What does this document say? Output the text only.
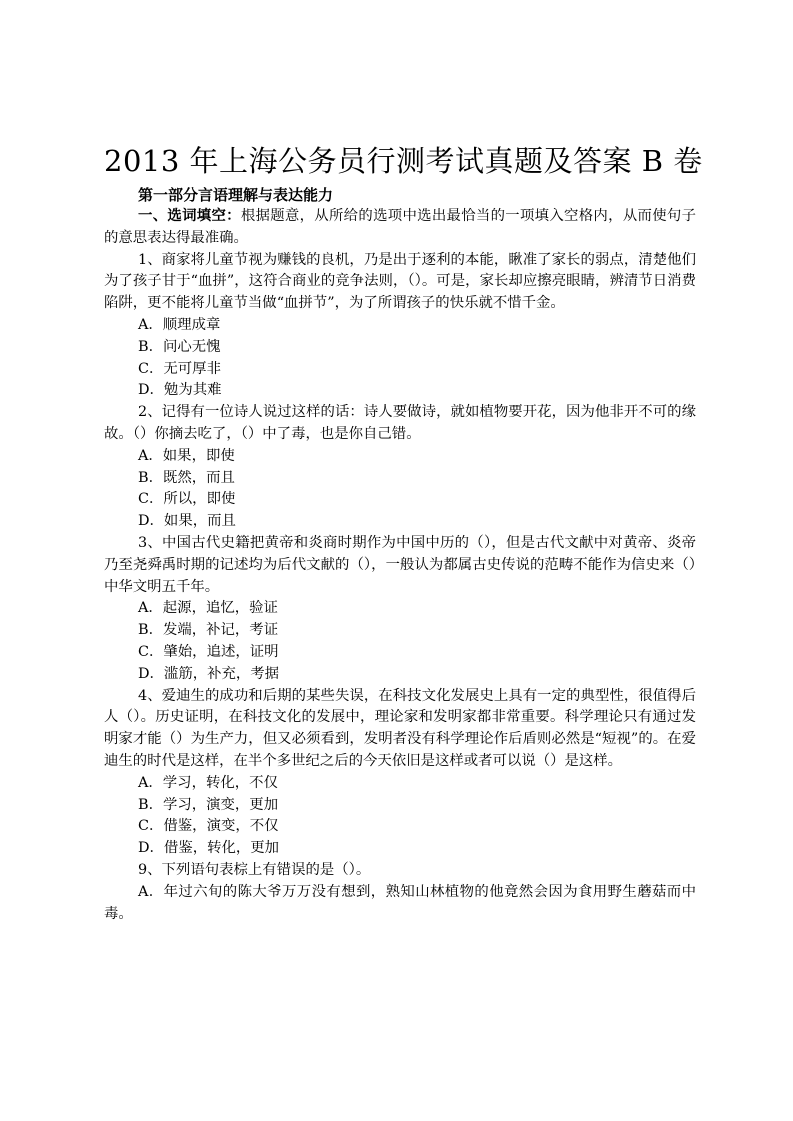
2013 年上海公务员行测考试真题及答案 B 卷
第一部分言语理解与表达能力

一、选词填空：根据题意，从所给的选项中选出最恰当的一项填入空格内，从而使句子的意思表达得最准确。

1、商家将儿童节视为赚钱的良机，乃是出于逐利的本能，瞅准了家长的弱点，清楚他们为了孩子甘于“血拼”，这符合商业的竞争法则，（）。可是，家长却应擦亮眼睛，辨清节日消费陷阱，更不能将儿童节当做“血拼节”，为了所谓孩子的快乐就不惜千金。

A．顺理成章

B．问心无愧

C．无可厚非

D．勉为其难

2、记得有一位诗人说过这样的话：诗人要做诗，就如植物要开花，因为他非开不可的缘故。（）你摘去吃了，（）中了毒，也是你自己错。

A．如果，即使

B．既然，而且

C．所以，即使

D．如果，而且

3、中国古代史籍把黄帝和炎商时期作为中国中历的（），但是古代文献中对黄帝、炎帝乃至尧舜禹时期的记述均为后代文献的（），一般认为都属古史传说的范畴不能作为信史来（）中华文明五千年。

A．起源，追忆，验证

B．发端，补记，考证

C．肇始，追述，证明

D．滥筋，补充，考据

4、爱迪生的成功和后期的某些失误，在科技文化发展史上具有一定的典型性，很值得后人（）。历史证明，在科技文化的发展中，理论家和发明家都非常重要。科学理论只有通过发明家才能（）为生产力，但又必须看到，发明者没有科学理论作后盾则必然是“短视”的。在爱迪生的时代是这样，在半个多世纪之后的今天依旧是这样或者可以说（）是这样。

A．学习，转化，不仅

B．学习，演变，更加

C．借鉴，演变，不仅

D．借鉴，转化，更加

9、下列语句表棕上有错误的是（）。

A．年过六旬的陈大爷万万没有想到，熟知山林植物的他竟然会因为食用野生蘑菇而中毒。
